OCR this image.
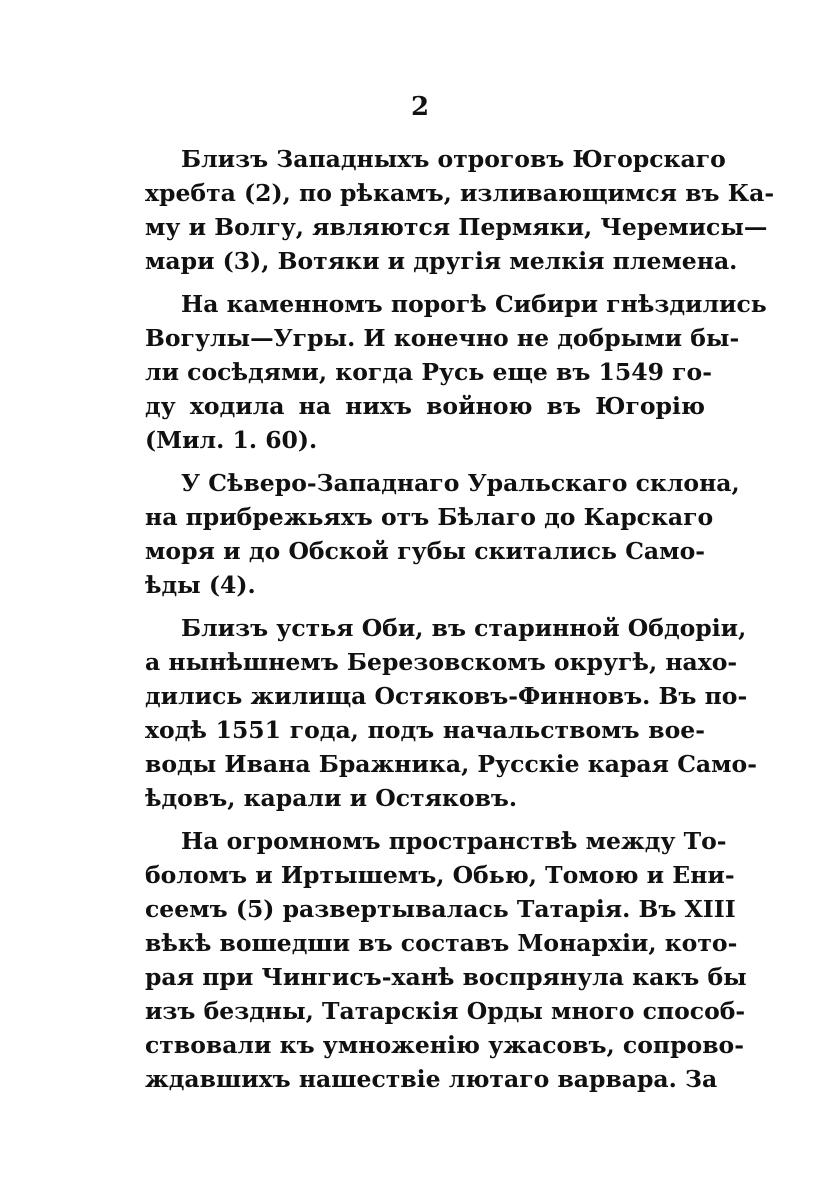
2
Близъ Западныхъ отроговъ Югорскаго
хребта (2), по рѣкамъ, изливающимся въ Ка-
му и Волгу, являются Пермяки, Черемисы—
мари (3), Вотяки и другія мелкія племена.
На каменномъ порогѣ Сибири гнѣздились
Вогулы—Угры. И конечно не добрыми бы-
ли сосѣдями, когда Русь еще въ 1549 го-
ду ходила на нихъ войною въ Югорію
(Мил. 1. 60).
У Сѣверо-Западнаго Уральскаго склона,
на прибрежьяхъ отъ Бѣлаго до Карскаго
моря и до Обской губы скитались Само-
ѣды (4).
Близъ устья Оби, въ старинной Обдоріи,
а нынѣшнемъ Березовскомъ округѣ, нахо-
дились жилища Остяковъ-Финновъ. Въ по-
ходѣ 1551 года, подъ начальствомъ вое-
воды Ивана Бражника, Русскіе карая Само-
ѣдовъ, карали и Остяковъ.
На огромномъ пространствѣ между То-
боломъ и Иртышемъ, Обью, Томою и Ени-
сеемъ (5) развертывалась Татарія. Въ XIII
вѣкѣ вошедши въ составъ Монархіи, кото-
рая при Чингисъ-ханѣ воспрянула какъ бы
изъ бездны, Татарскія Орды много способ-
ствовали къ умноженію ужасовъ, сопрово-
ждавшихъ нашествіе лютаго варвара. За
